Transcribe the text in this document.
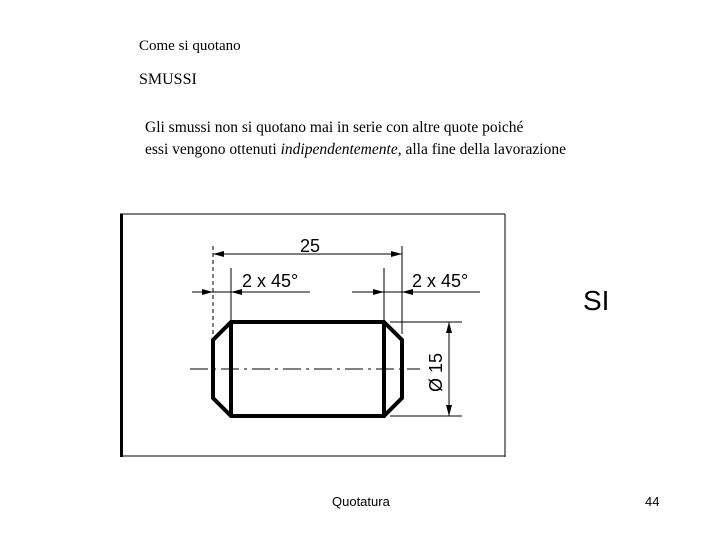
Come si quotano
SMUSSI
Gli smussi non si quotano mai in serie con altre quote poiché
essi vengono ottenuti indipendentemente, alla fine della lavorazione
25
2 x 45°	2 x 45°
Ø 15
SI
Quotatura	44
